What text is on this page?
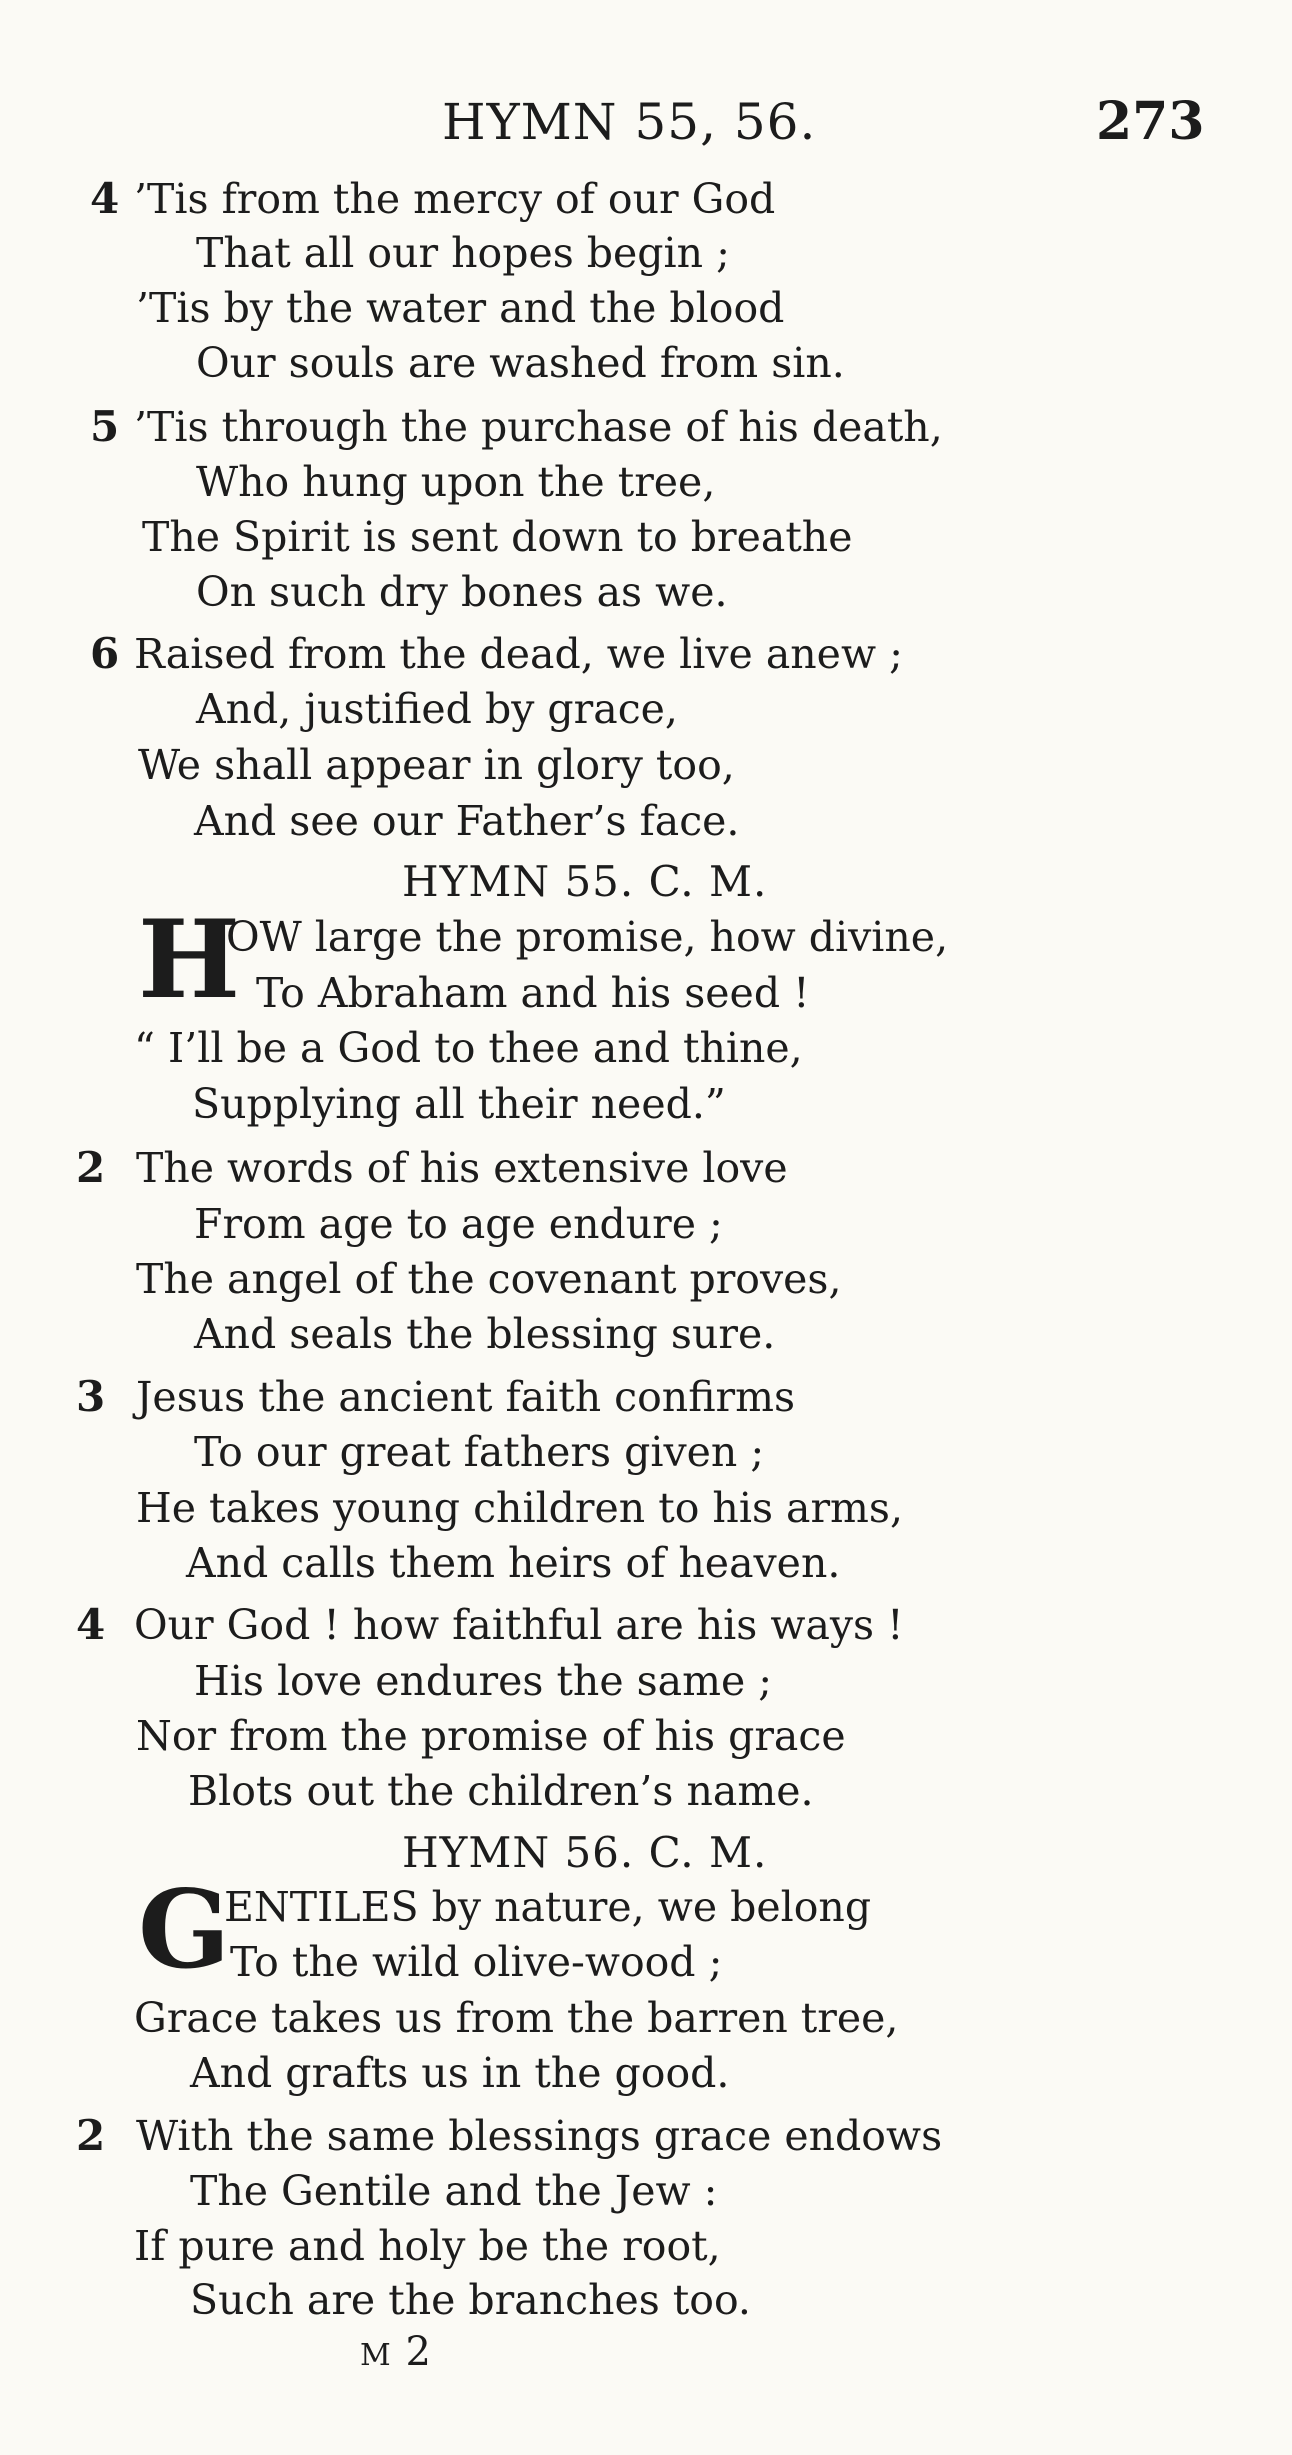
HYMN 55, 56.	273
4 ’Tis from the mercy of our God
That all our hopes begin ;
’Tis by the water and the blood
Our souls are washed from sin.
5 ’Tis through the purchase of his death,
Who hung upon the tree,
The Spirit is sent down to breathe
On such dry bones as we.
6 Raised from the dead, we live anew ;
And, justified by grace,
We shall appear in glory too,
And see our Father’s face.
HYMN 55. C. M.
H
OW large the promise, how divine,
To Abraham and his seed !
“ I’ll be a God to thee and thine,
Supplying all their need.”
2 The words of his extensive love
From age to age endure ;
The angel of the covenant proves,
And seals the blessing sure.
3 Jesus the ancient faith confirms
To our great fathers given ;
He takes young children to his arms,
And calls them heirs of heaven.
4 Our God ! how faithful are his ways !
His love endures the same ;
Nor from the promise of his grace
Blots out the children’s name.
HYMN 56. C. M.
G
ENTILES by nature, we belong
To the wild olive-wood ;
Grace takes us from the barren tree,
And grafts us in the good.
2 With the same blessings grace endows
The Gentile and the Jew :
If pure and holy be the root,
Such are the branches too.
M 2
